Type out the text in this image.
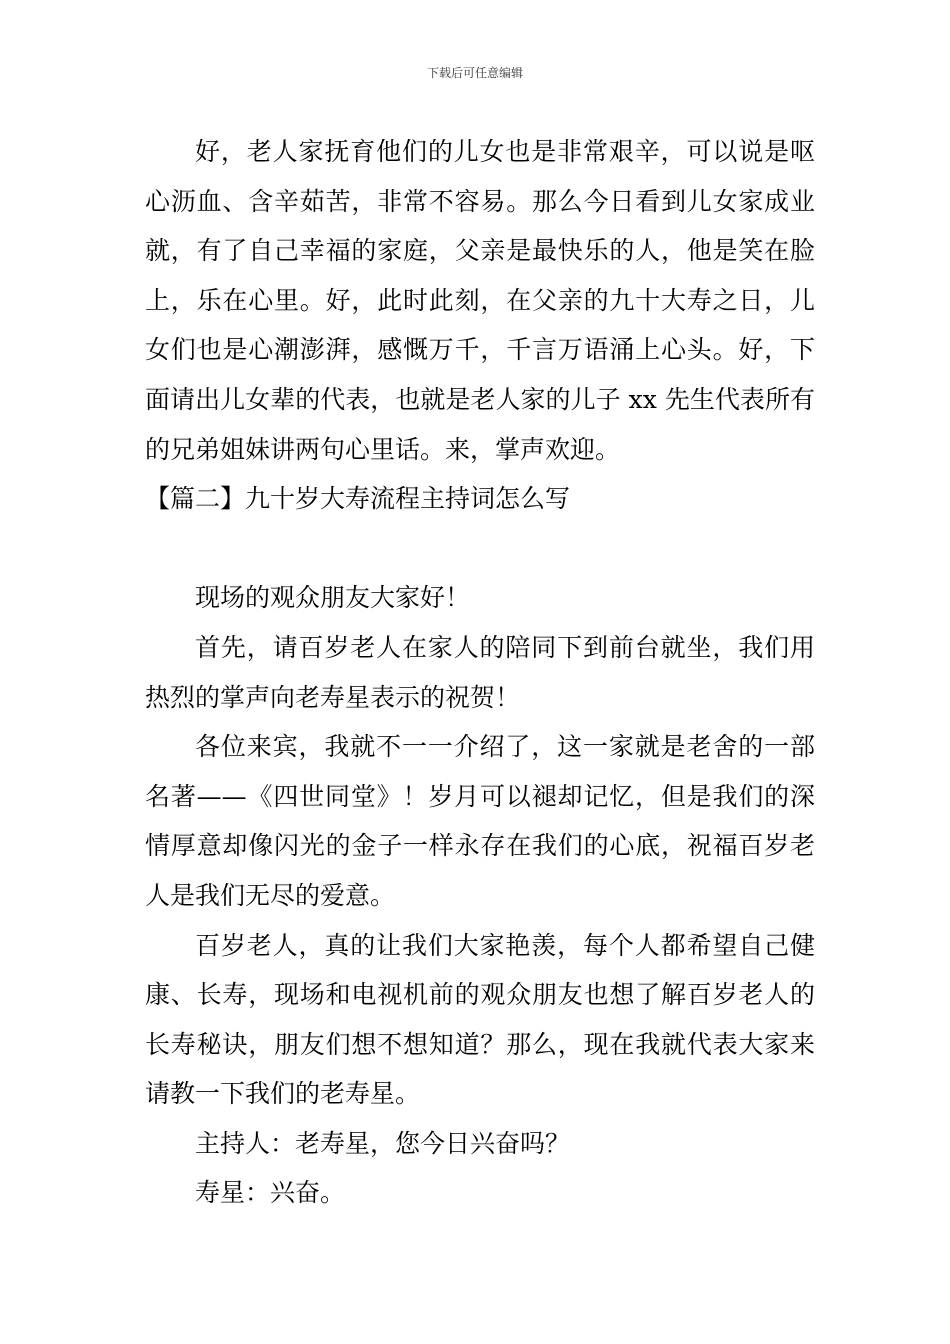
下载后可任意编辑

好，老人家抚育他们的儿女也是非常艰辛，可以说是呕心沥血、含辛茹苦，非常不容易。那么今日看到儿女家成业就，有了自己幸福的家庭，父亲是最快乐的人，他是笑在脸上，乐在心里。好，此时此刻，在父亲的九十大寿之日，儿女们也是心潮澎湃，感慨万千，千言万语涌上心头。好，下面请出儿女辈的代表，也就是老人家的儿子 xx 先生代表所有的兄弟姐妹讲两句心里话。来，掌声欢迎。

【篇二】九十岁大寿流程主持词怎么写

现场的观众朋友大家好！

首先，请百岁老人在家人的陪同下到前台就坐，我们用热烈的掌声向老寿星表示的祝贺！

各位来宾，我就不一一介绍了，这一家就是老舍的一部名著——《四世同堂》！岁月可以褪却记忆，但是我们的深情厚意却像闪光的金子一样永存在我们的心底，祝福百岁老人是我们无尽的爱意。

百岁老人，真的让我们大家艳羡，每个人都希望自己健康、长寿，现场和电视机前的观众朋友也想了解百岁老人的长寿秘诀，朋友们想不想知道？那么，现在我就代表大家来请教一下我们的老寿星。

主持人：老寿星，您今日兴奋吗？

寿星：兴奋。
